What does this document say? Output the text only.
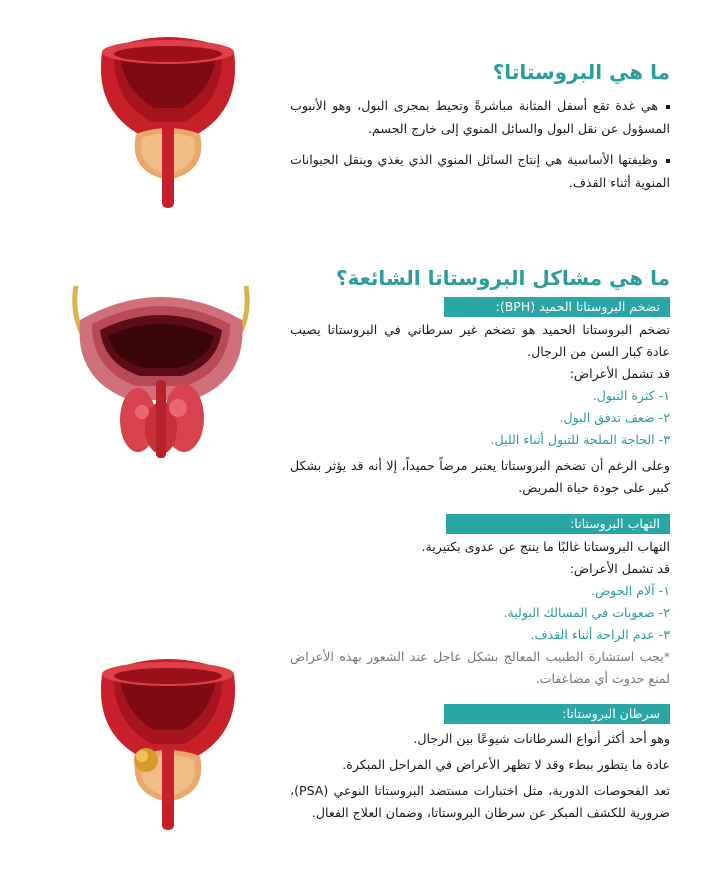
ما هي البروستاتا؟

هي غدة تقع أسفل المثانة مباشرةً وتحيط بمجرى البول، وهو الأنبوب المسؤول عن نقل البول والسائل المنوي إلى خارج الجسم.

وظيفتها الأساسية هي إنتاج السائل المنوي الذي يغذي وينقل الحيوانات المنوية أثناء القذف.

ما هي مشاكل البروستاتا الشائعة؟
تضخم البروستاتا الحميد (BPH):

تضخم البروستاتا الحميد هو تضخم غير سرطاني في البروستاتا يصيب عادة كبار السن من الرجال.

قد تشمل الأعراض:

١- كثرة التبول.

٢- ضعف تدفق البول.

٣- الحاجة الملحة للتبول أثناء الليل.

وعلى الرغم أن تضخم البروستاتا يعتبر مرضاً حميداً، إلا أنه قد يؤثر بشكل كبير على جودة حياة المريض.

التهاب البروستاتا:

التهاب البروستاتا غالبًا ما ينتج عن عدوى بكتيرية.

قد تشمل الأعراض:

١- آلام الحوض.

٢- صعوبات في المسالك البولية.

٣- عدم الراحة أثناء القذف.

*يجب استشارة الطبيب المعالج بشكل عاجل عند الشعور بهذه الأعراض لمنع حدوث أي مضاعفات.

سرطان البروستاتا:

وهو أحد أكثر أنواع السرطانات شيوعًا بين الرجال.

عادة ما يتطور ببطء وقد لا تظهر الأعراض في المراحل المبكرة.

تعد الفحوصات الدورية، مثل اختبارات مستضد البروستاتا النوعي (PSA)، ضرورية للكشف المبكر عن سرطان البروستاتا، وضمان العلاج الفعال.
